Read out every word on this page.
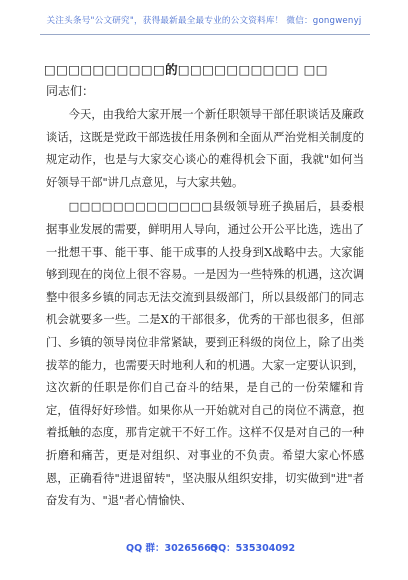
关注头条号"公文研究"，获得最新最全最专业的公文资料库！ 微信：gongwenyj
□□□□□□□□□□的□□□□□□□□□□ □□
同志们：

今天，由我给大家开展一个新任职领导干部任职谈话及廉政谈话，这既是党政干部选拔任用条例和全面从严治党相关制度的规定动作，也是与大家交心谈心的难得机会下面，我就"如何当好领导干部"讲几点意见，与大家共勉。

□□□□□□□□□□□□□县级领导班子换届后，县委根据事业发展的需要，鲜明用人导向，通过公开公平比选，选出了一批想干事、能干事、能干成事的人投身到X战略中去。大家能够到现在的岗位上很不容易。一是因为一些特殊的机遇，这次调整中很多乡镇的同志无法交流到县级部门，所以县级部门的同志机会就要多一些。二是X的干部很多，优秀的干部也很多，但部门、乡镇的领导岗位非常紧缺，要到正科级的岗位上，除了出类拔萃的能力，也需要天时地利人和的机遇。大家一定要认识到，这次新的任职是你们自己奋斗的结果，是自己的一份荣耀和肯定，值得好好珍惜。如果你从一开始就对自己的岗位不满意，抱着抵触的态度，那肯定就干不好工作。这样不仅是对自己的一种折磨和痛苦，更是对组织、对事业的不负责。希望大家心怀感恩，正确看待"进退留转"，坚决服从组织安排，切实做到"进"者奋发有为、"退"者心情愉快、

QQ 群：30265665
QQ：535304092
